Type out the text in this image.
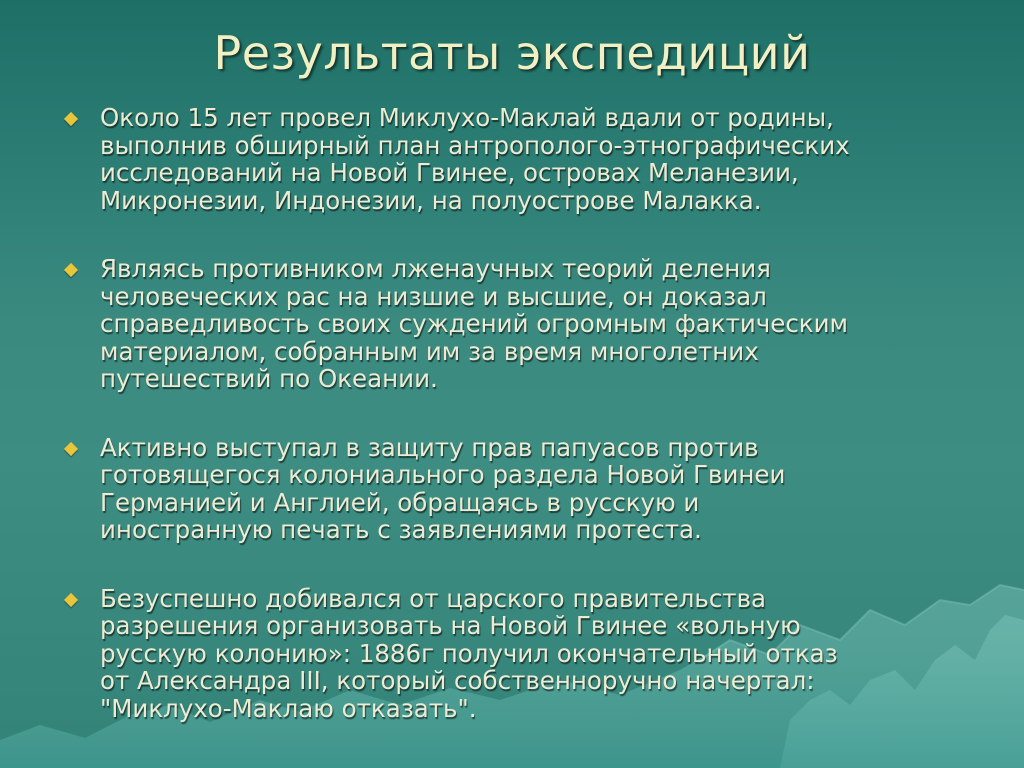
Результаты экспедиций
Около 15 лет провел Миклухо-Маклай вдали от родины,
выполнив обширный план антрополого-этнографических
исследований на Новой Гвинее, островах Меланезии,
Микронезии, Индонезии, на полуострове Малакка.
Являясь противником лженаучных теорий деления
человеческих рас на низшие и высшие, он доказал
справедливость своих суждений огромным фактическим
материалом, собранным им за время многолетних
путешествий по Океании.
Активно выступал в защиту прав папуасов против
готовящегося колониального раздела Новой Гвинеи
Германией и Англией, обращаясь в русскую и
иностранную печать с заявлениями протеста.
Безуспешно добивался от царского правительства
разрешения организовать на Новой Гвинее «вольную
русскую колонию»: 1886г получил окончательный отказ
от Александра III, который собственноручно начертал:
"Миклухо-Маклаю отказать".
